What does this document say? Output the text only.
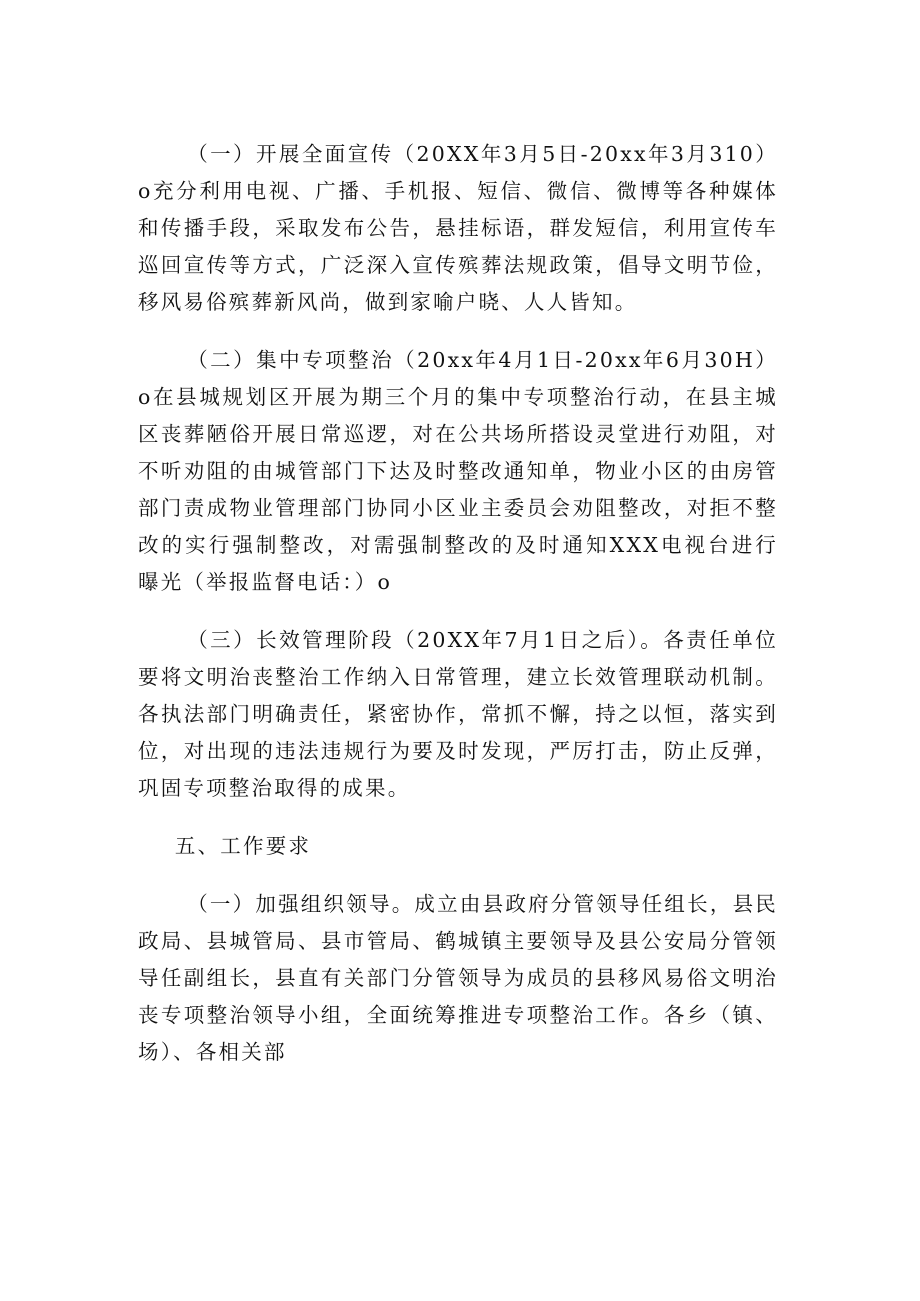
（一）开展全面宣传（20XX年3月5日-20xx年3月310）o充分利用电视、广播、手机报、短信、微信、微博等各种媒体和传播手段，采取发布公告，悬挂标语，群发短信，利用宣传车巡回宣传等方式，广泛深入宣传殡葬法规政策，倡导文明节俭，移风易俗殡葬新风尚，做到家喻户晓、人人皆知。

（二）集中专项整治（20xx年4月1日-20xx年6月30H）o在县城规划区开展为期三个月的集中专项整治行动，在县主城区丧葬陋俗开展日常巡逻，对在公共场所搭设灵堂进行劝阻，对不听劝阻的由城管部门下达及时整改通知单，物业小区的由房管部门责成物业管理部门协同小区业主委员会劝阻整改，对拒不整改的实行强制整改，对需强制整改的及时通知XXX电视台进行曝光（举报监督电话：）o

（三）长效管理阶段（20XX年7月1日之后）。各责任单位要将文明治丧整治工作纳入日常管理，建立长效管理联动机制。各执法部门明确责任，紧密协作，常抓不懈，持之以恒，落实到位，对出现的违法违规行为要及时发现，严厉打击，防止反弹，巩固专项整治取得的成果。

五、工作要求

（一）加强组织领导。成立由县政府分管领导任组长，县民政局、县城管局、县市管局、鹤城镇主要领导及县公安局分管领导任副组长，县直有关部门分管领导为成员的县移风易俗文明治丧专项整治领导小组，全面统筹推进专项整治工作。各乡（镇、场）、各相关部
